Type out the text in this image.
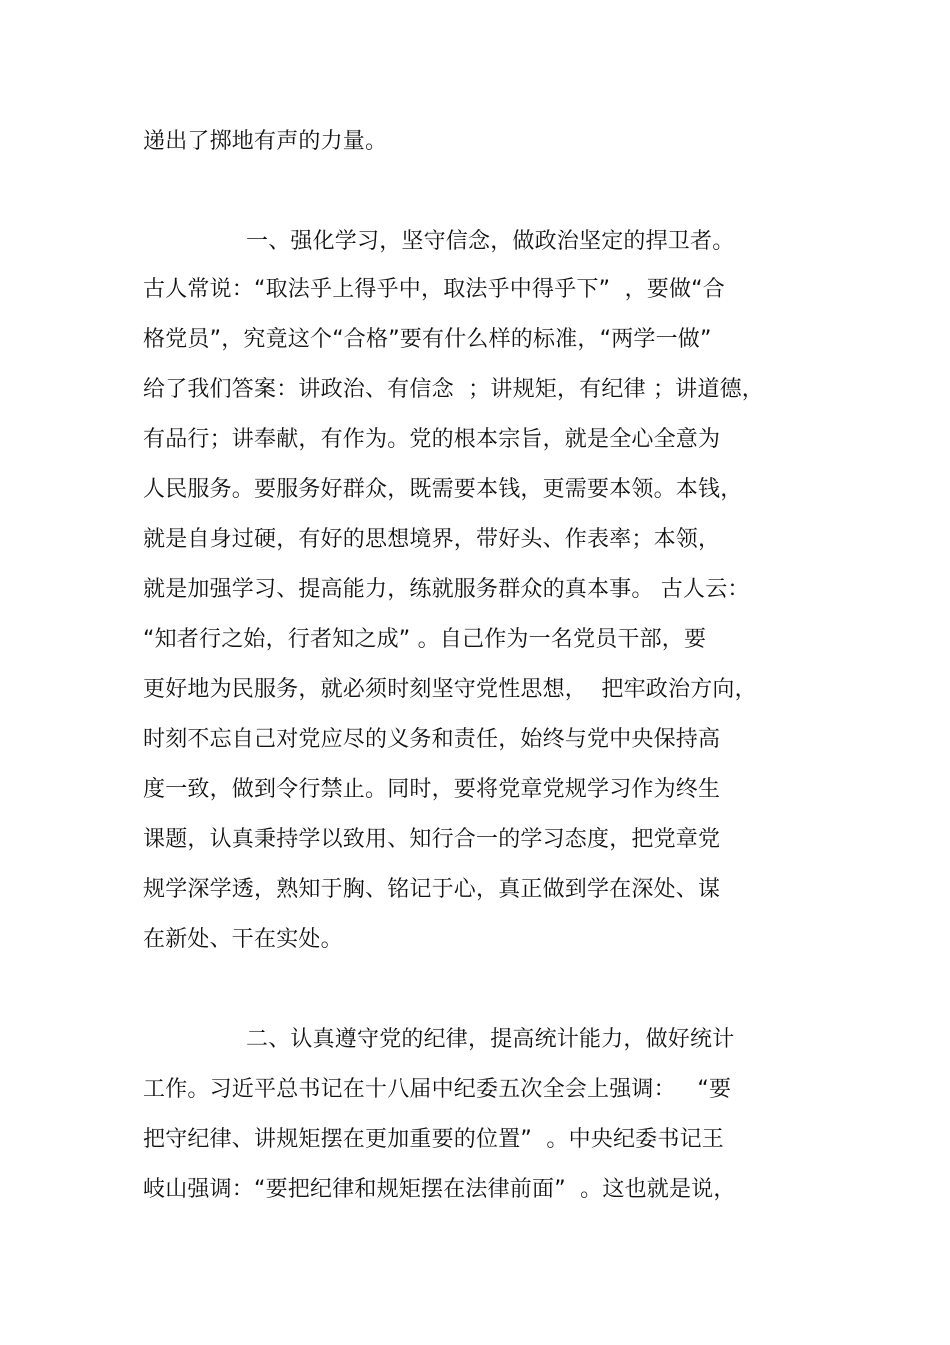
递出了掷地有声的力量。
一、强化学习，坚守信念，做政治坚定的捍卫者。
古人常说：“取法乎上得乎中，取法乎中得乎下”  ，要做“合
格党员”，究竟这个“合格”要有什么样的标准，“两学一做”
给了我们答案：讲政治、有信念  ；讲规矩，有纪律 ；讲道德，
有品行；讲奉献，有作为。党的根本宗旨，就是全心全意为
人民服务。要服务好群众，既需要本钱，更需要本领。本钱，
就是自身过硬，有好的思想境界，带好头、作表率；本领，
就是加强学习、提高能力，练就服务群众的真本事。 古人云：
“知者行之始，行者知之成” 。自己作为一名党员干部，要
更好地为民服务，就必须时刻坚守党性思想，  把牢政治方向，
时刻不忘自己对党应尽的义务和责任，始终与党中央保持高
度一致，做到令行禁止。同时，要将党章党规学习作为终生
课题，认真秉持学以致用、知行合一的学习态度，把党章党
规学深学透，熟知于胸、铭记于心，真正做到学在深处、谋
在新处、干在实处。
二、认真遵守党的纪律，提高统计能力，做好统计
工作。习近平总书记在十八届中纪委五次全会上强调：   “要
把守纪律、讲规矩摆在更加重要的位置”  。中央纪委书记王
岐山强调：“要把纪律和规矩摆在法律前面”  。这也就是说，
